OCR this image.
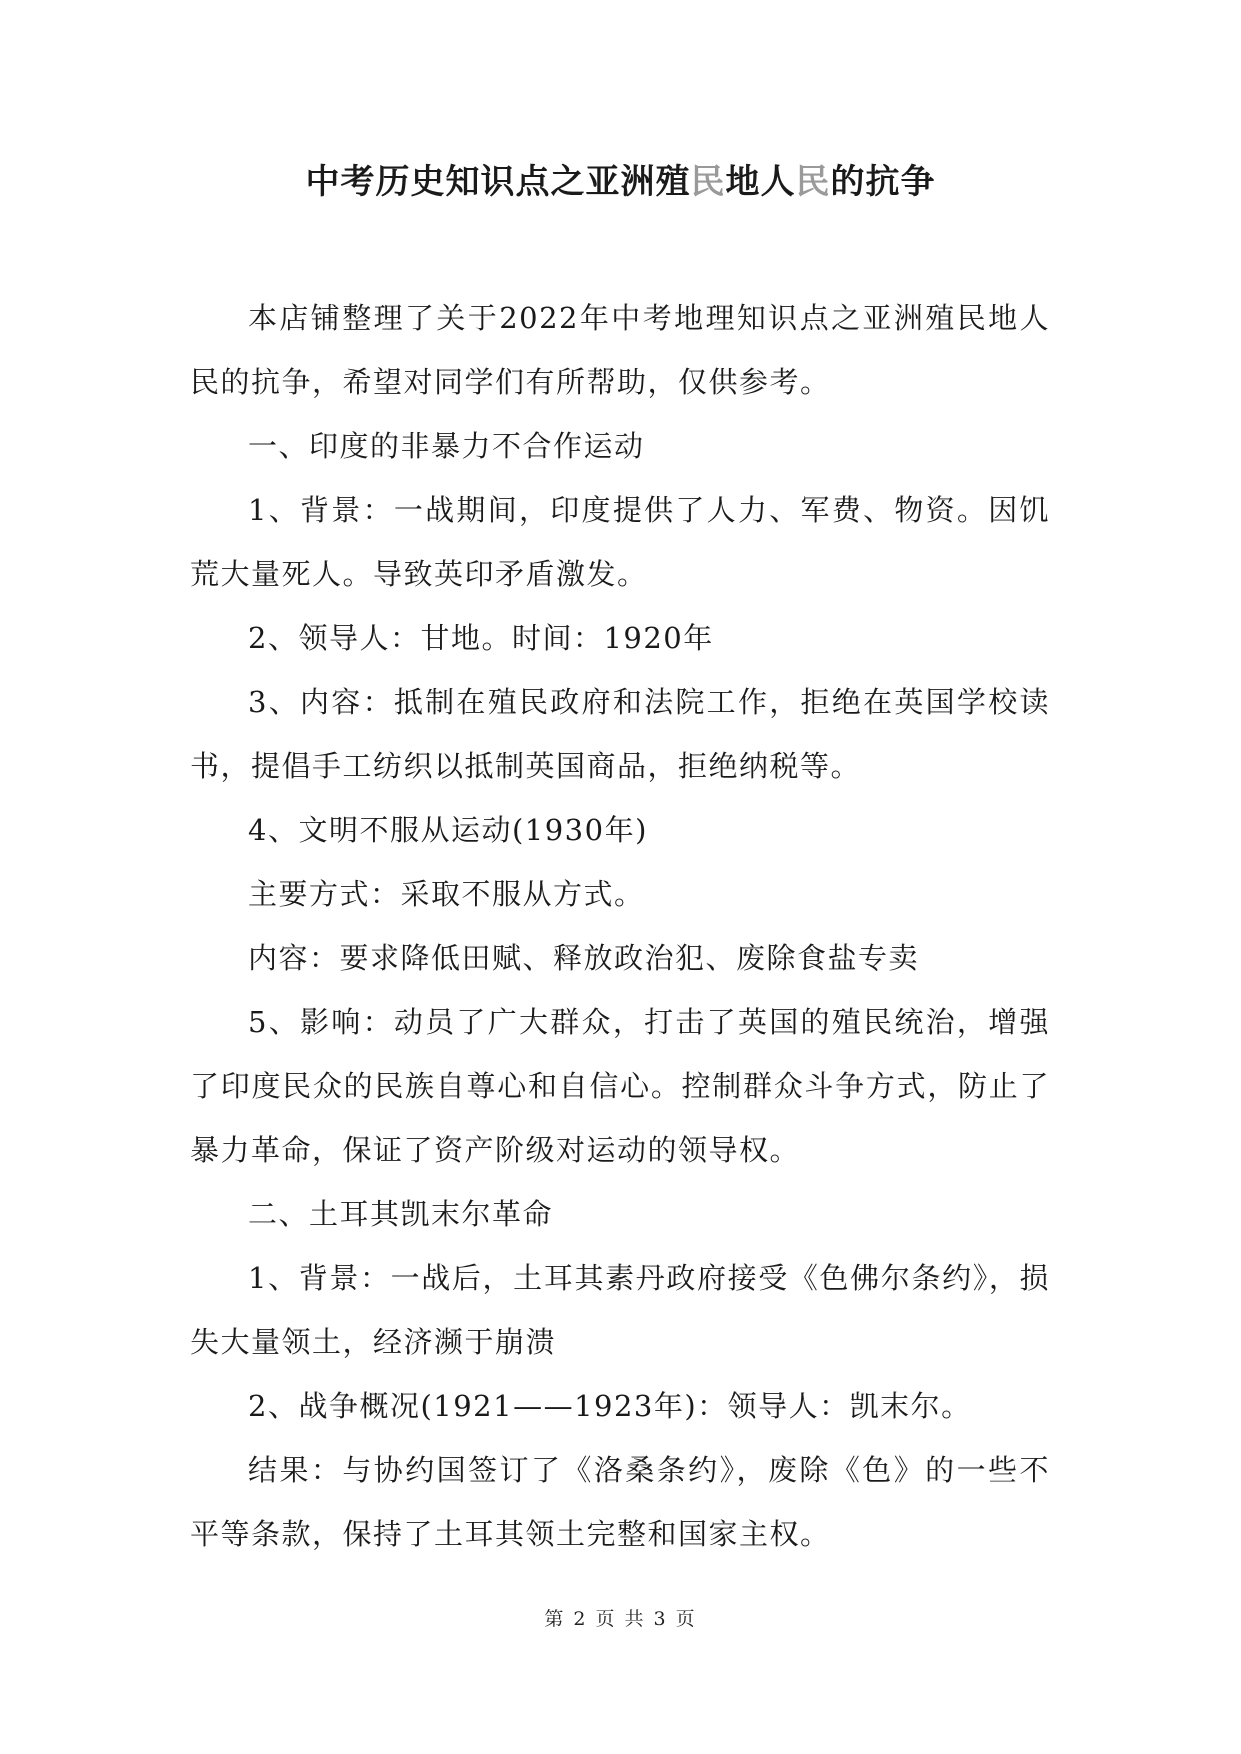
中考历史知识点之亚洲殖民地人民的抗争

本店铺整理了关于2022年中考地理知识点之亚洲殖民地人民的抗争，希望对同学们有所帮助，仅供参考。

一、印度的非暴力不合作运动

1、背景：一战期间，印度提供了人力、军费、物资。因饥荒大量死人。导致英印矛盾激发。

2、领导人：甘地。时间：1920年

3、内容：抵制在殖民政府和法院工作，拒绝在英国学校读书，提倡手工纺织以抵制英国商品，拒绝纳税等。

4、文明不服从运动(1930年)

主要方式：采取不服从方式。

内容：要求降低田赋、释放政治犯、废除食盐专卖

5、影响：动员了广大群众，打击了英国的殖民统治，增强了印度民众的民族自尊心和自信心。控制群众斗争方式，防止了暴力革命，保证了资产阶级对运动的领导权。

二、土耳其凯末尔革命

1、背景：一战后，土耳其素丹政府接受《色佛尔条约》，损失大量领土，经济濒于崩溃

2、战争概况(1921——1923年)：领导人：凯末尔。

结果：与协约国签订了《洛桑条约》，废除《色》的一些不平等条款，保持了土耳其领土完整和国家主权。

第 2 页 共 3 页
